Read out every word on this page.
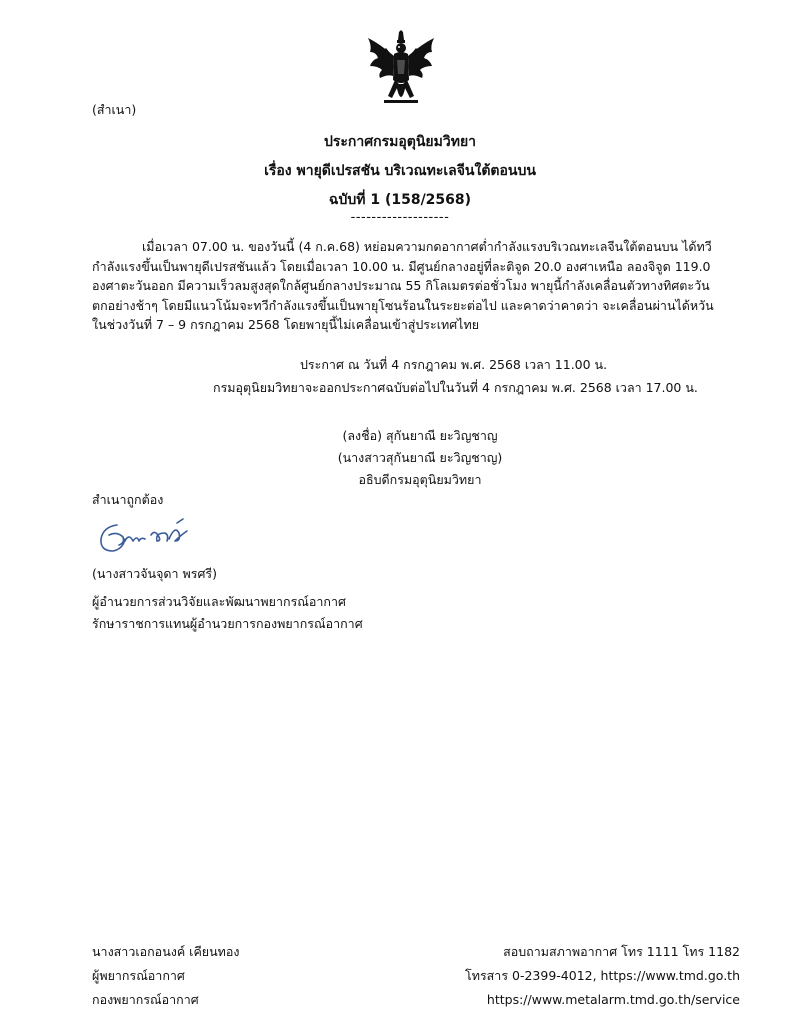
(สำเนา)
ประกาศกรมอุตุนิยมวิทยา
เรื่อง พายุดีเปรสชัน บริเวณทะเลจีนใต้ตอนบน
ฉบับที่ 1 (158/2568)
-------------------
เมื่อเวลา 07.00 น. ของวันนี้ (4 ก.ค.68) หย่อมความกดอากาศต่ำกำลังแรงบริเวณทะเลจีนใต้ตอนบน ได้ทวีกำลังแรงขึ้นเป็นพายุดีเปรสชันแล้ว โดยเมื่อเวลา 10.00 น. มีศูนย์กลางอยู่ที่ละติจูด 20.0 องศาเหนือ ลองจิจูด 119.0 องศาตะวันออก มีความเร็วลมสูงสุดใกล้ศูนย์กลางประมาณ 55 กิโลเมตรต่อชั่วโมง พายุนี้กำลังเคลื่อนตัวทางทิศตะวันตกอย่างช้าๆ โดยมีแนวโน้มจะทวีกำลังแรงขึ้นเป็นพายุโซนร้อนในระยะต่อไป และคาดว่าคาดว่า จะเคลื่อนผ่านได้หวัน ในช่วงวันที่ 7 – 9 กรกฎาคม 2568 โดยพายุนี้ไม่เคลื่อนเข้าสู่ประเทศไทย
ประกาศ ณ วันที่ 4 กรกฎาคม พ.ศ. 2568 เวลา 11.00 น.
กรมอุตุนิยมวิทยาจะออกประกาศฉบับต่อไปในวันที่ 4 กรกฎาคม พ.ศ. 2568 เวลา 17.00 น.
(ลงชื่อ) สุกันยาณี ยะวิญชาญ
(นางสาวสุกันยาณี ยะวิญชาญ)
อธิบดีกรมอุตุนิยมวิทยา
สำเนาถูกต้อง
(นางสาวจันจุดา พรศรี)
ผู้อำนวยการส่วนวิจัยและพัฒนาพยากรณ์อากาศ
รักษาราชการแทนผู้อำนวยการกองพยากรณ์อากาศ
นางสาวเอกอนงค์ เคียนทอง
ผู้พยากรณ์อากาศ
กองพยากรณ์อากาศ
สอบถามสภาพอากาศ โทร 1111 โทร 1182
โทรสาร 0-2399-4012, https://www.tmd.go.th
https://www.metalarm.tmd.go.th/service
